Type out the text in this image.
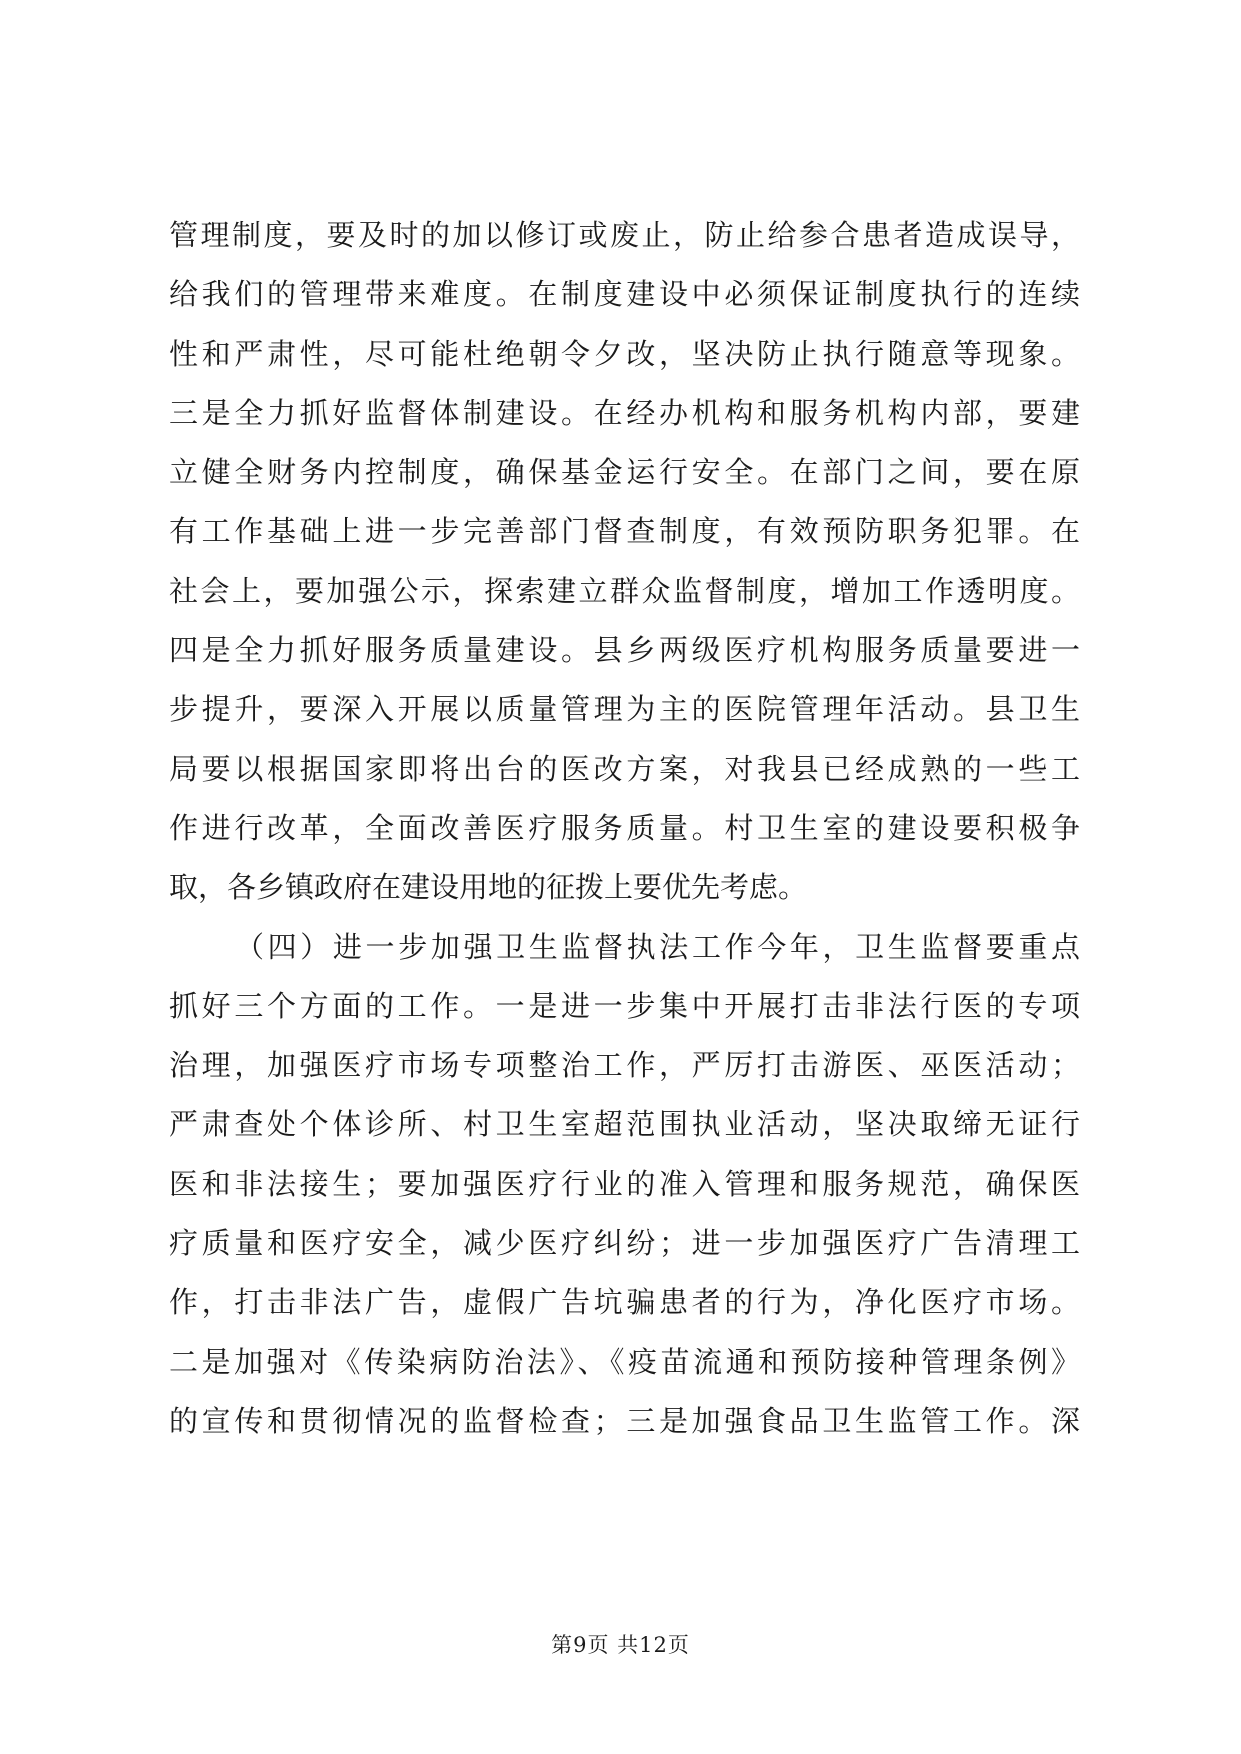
管理制度，要及时的加以修订或废止，防止给参合患者造成误导，
给我们的管理带来难度。在制度建设中必须保证制度执行的连续
性和严肃性，尽可能杜绝朝令夕改，坚决防止执行随意等现象。
三是全力抓好监督体制建设。在经办机构和服务机构内部，要建
立健全财务内控制度，确保基金运行安全。在部门之间，要在原
有工作基础上进一步完善部门督查制度，有效预防职务犯罪。在
社会上，要加强公示，探索建立群众监督制度，增加工作透明度。
四是全力抓好服务质量建设。县乡两级医疗机构服务质量要进一
步提升，要深入开展以质量管理为主的医院管理年活动。县卫生
局要以根据国家即将出台的医改方案，对我县已经成熟的一些工
作进行改革，全面改善医疗服务质量。村卫生室的建设要积极争
取，各乡镇政府在建设用地的征拨上要优先考虑。
（四）进一步加强卫生监督执法工作今年，卫生监督要重点
抓好三个方面的工作。一是进一步集中开展打击非法行医的专项
治理，加强医疗市场专项整治工作，严厉打击游医、巫医活动；
严肃查处个体诊所、村卫生室超范围执业活动，坚决取缔无证行
医和非法接生；要加强医疗行业的准入管理和服务规范，确保医
疗质量和医疗安全，减少医疗纠纷；进一步加强医疗广告清理工
作，打击非法广告，虚假广告坑骗患者的行为，净化医疗市场。
二是加强对《传染病防治法》、《疫苗流通和预防接种管理条例》
的宣传和贯彻情况的监督检查；三是加强食品卫生监管工作。深
第9页 共12页
